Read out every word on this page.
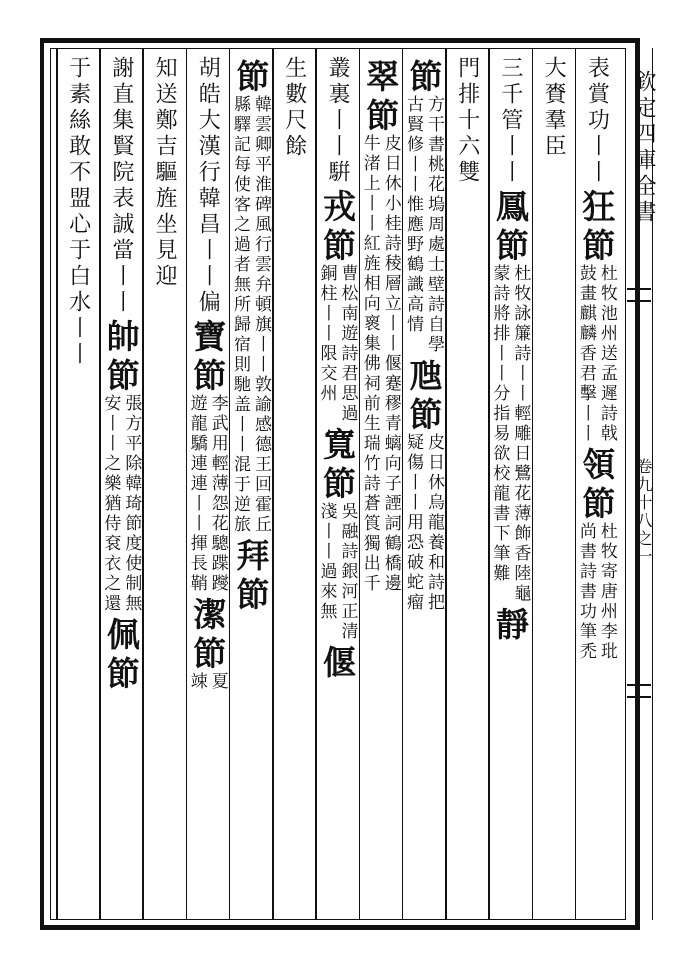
欽定四庫全書
卷九十八之一
表賞功丨丨
狂
節
杜牧池州送孟遲詩戟
鼓畫麒麟香君擊丨丨
領
節
杜牧寄唐州李玭
尚書詩書功筆禿
大賚羣臣
三千管丨丨
鳳
節
杜牧詠簾詩丨丨輕雕日鷺花薄飾香陸龜
蒙詩將排丨丨分指易欲校龍書下筆難
靜
門排十六雙
節
方干書桃花塢周處士壁詩自學
古賢修丨丨惟應野鶴識高情
虺
節
皮日休烏龍養和詩把
疑傷丨丨用恐破蛇瘤
翠
節
皮日休小桂詩稜層立丨丨偃蹇穋青螭向子諲詞鶴橋邊
牛渚上丨丨紅旌相向褱集佛祠前生瑞竹詩蒼筤獨出千
叢裏丨丨騈
戎
節
曹松南遊詩君思過
銅柱丨丨限交州
寬
節
吳融詩銀河正清
淺丨丨過來無
偃
生數尺餘
節
韓雲卿平淮碑風行雲弁頓旗丨丨敦諭感德王回霍丘
縣驛記每使客之過者無所歸宿則馳盖丨丨混于逆旅
拜
節
胡皓大漢行韓昌丨丨偏
寶
節
李武用輕薄怨花驄蹀躞
遊龍驕連連丨丨揮長鞘
潔
節
夏
竦
知送鄭吉驅旌坐見迎
謝直集賢院表誠當丨丨
帥
節
張方平除韓琦節度使制無
安丨丨之樂猶侍袞衣之還
佩
節
于素絲敢不盟心于白水丨丨
